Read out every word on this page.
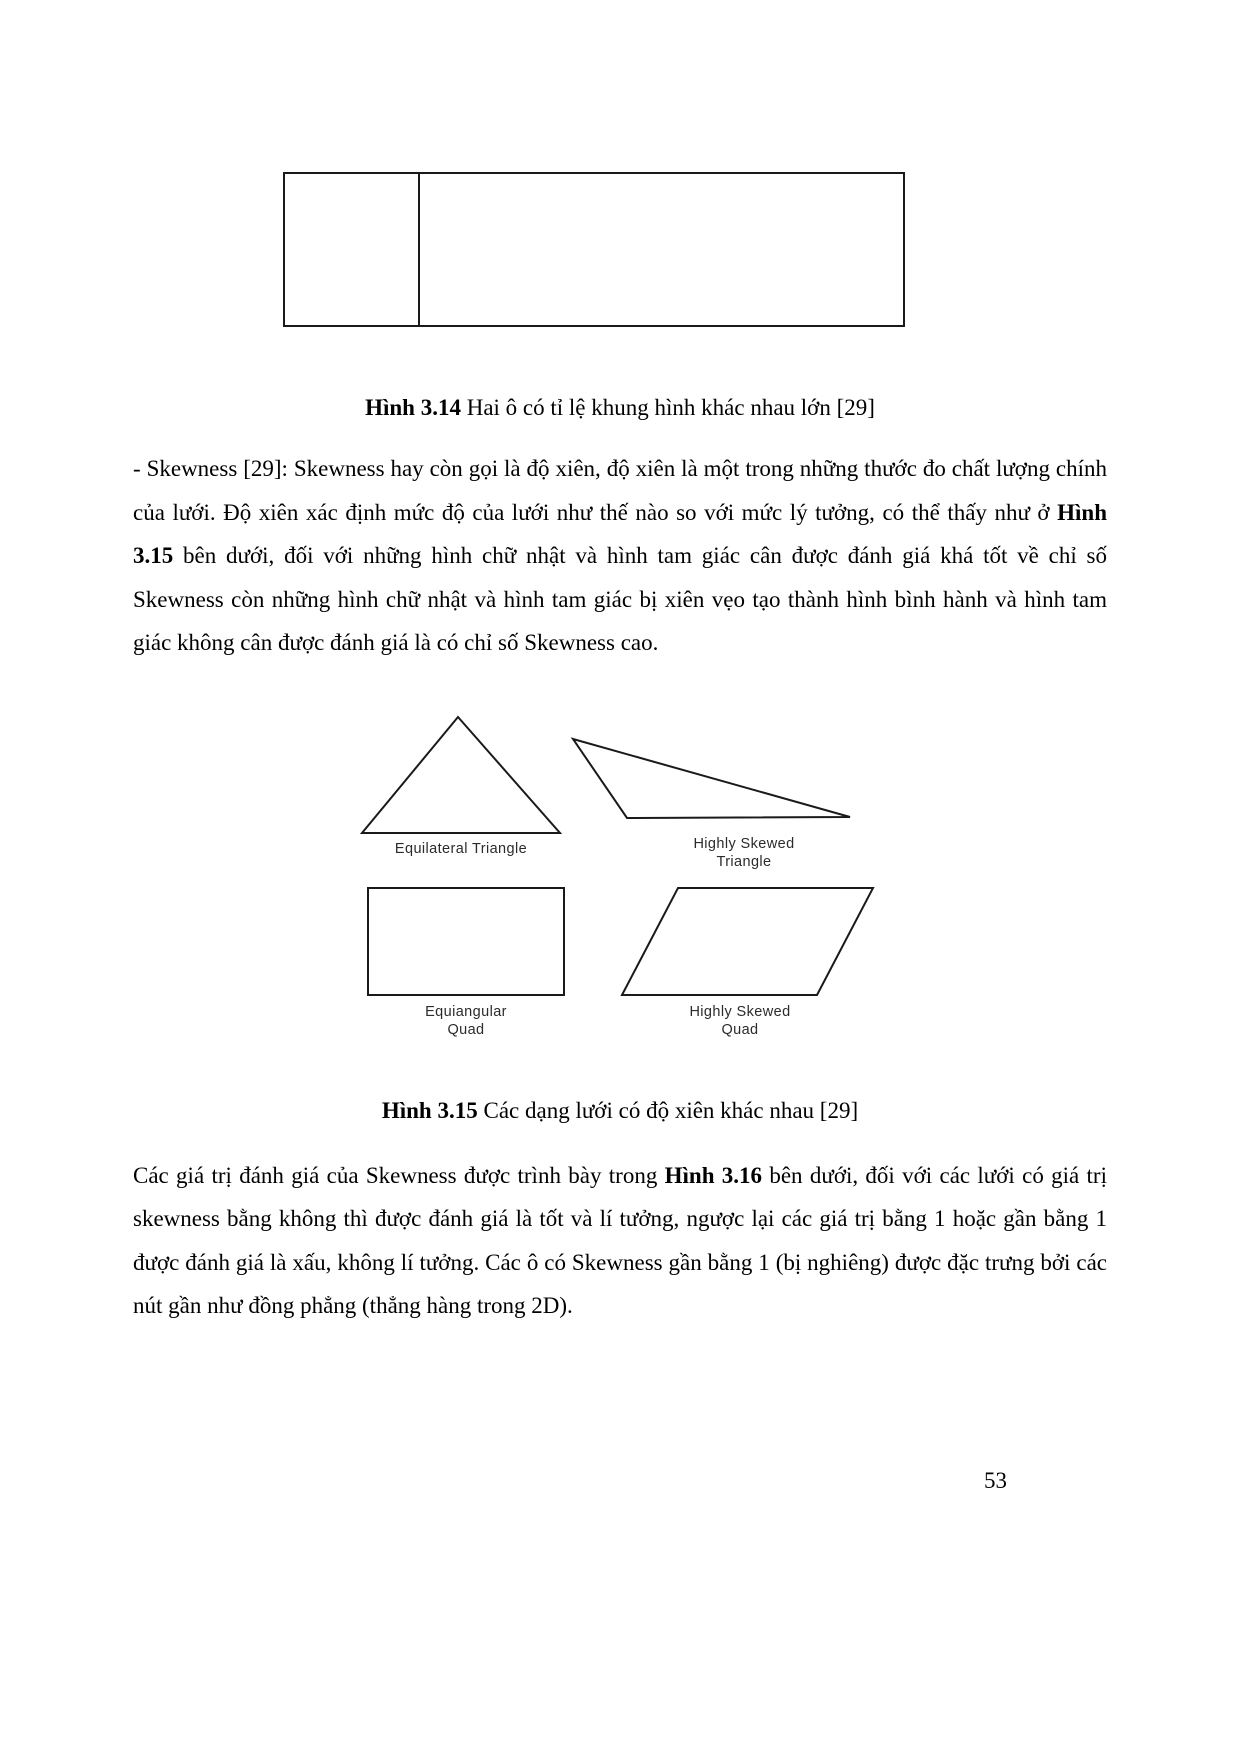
Hình 3.14 Hai ô có tỉ lệ khung hình khác nhau lớn [29]

- Skewness [29]: Skewness hay còn gọi là độ xiên, độ xiên là một trong những thước đo chất lượng chính của lưới. Độ xiên xác định mức độ của lưới như thế nào so với mức lý tưởng, có thể thấy như ở Hình 3.15 bên dưới, đối với những hình chữ nhật và hình tam giác cân được đánh giá khá tốt về chỉ số Skewness còn những hình chữ nhật và hình tam giác bị xiên vẹo tạo thành hình bình hành và hình tam giác không cân được đánh giá là có chỉ số Skewness cao.

Equilateral Triangle	Highly Skewed
Triangle
Equiangular
Quad
Highly Skewed
Quad

Hình 3.15 Các dạng lưới có độ xiên khác nhau [29]

Các giá trị đánh giá của Skewness được trình bày trong Hình 3.16 bên dưới, đối với các lưới có giá trị skewness bằng không thì được đánh giá là tốt và lí tưởng, ngược lại các giá trị bằng 1 hoặc gần bằng 1 được đánh giá là xấu, không lí tưởng. Các ô có Skewness gần bằng 1 (bị nghiêng) được đặc trưng bởi các nút gần như đồng phẳng (thẳng hàng trong 2D).

53
